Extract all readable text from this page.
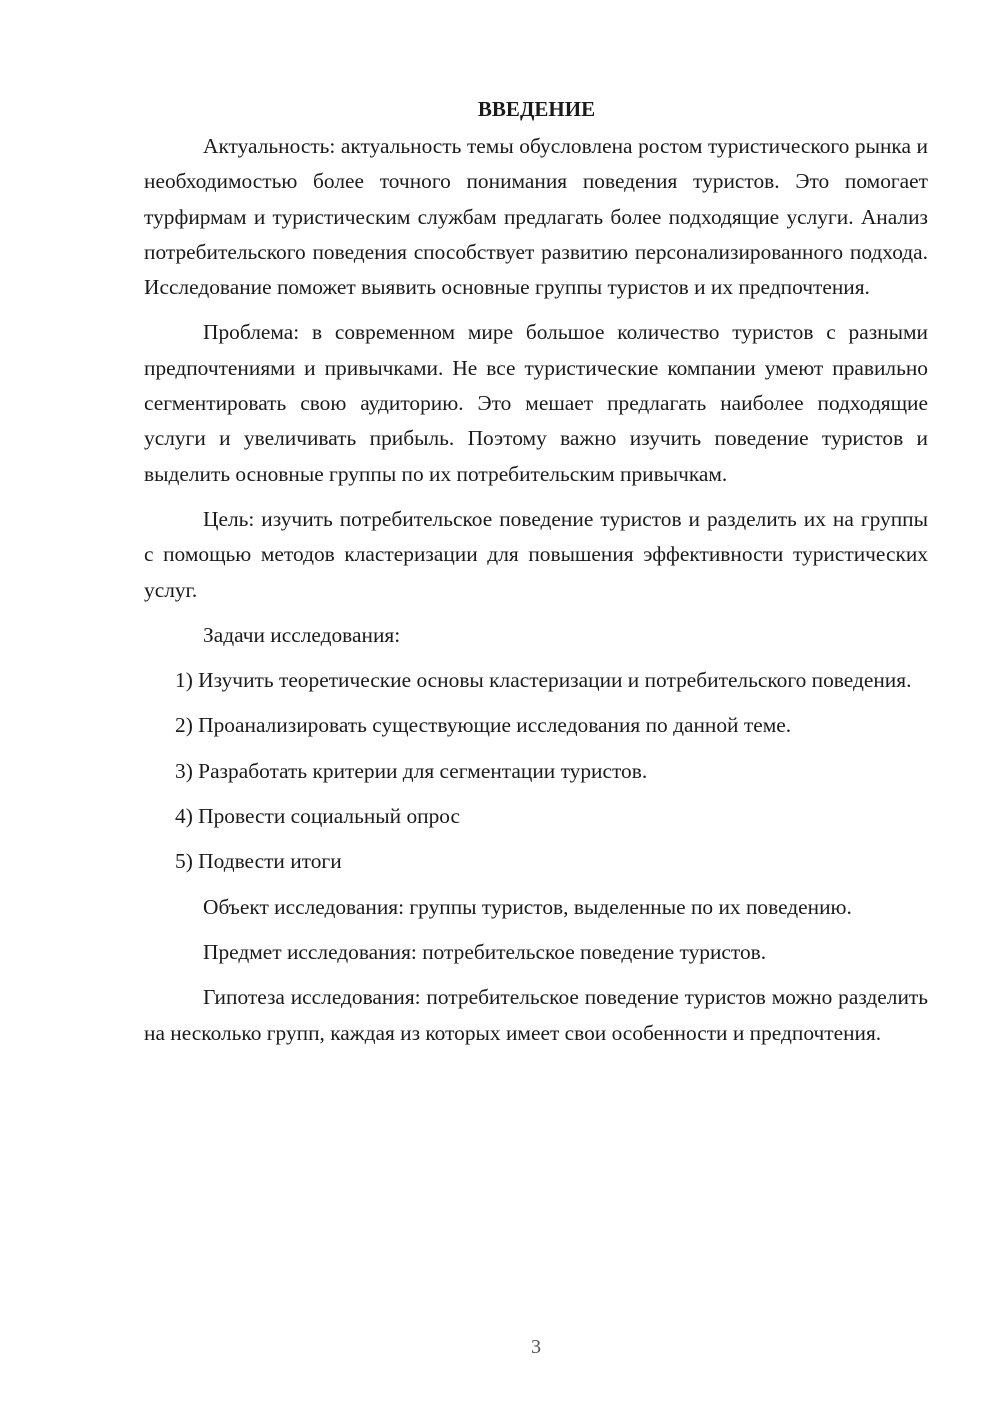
ВВЕДЕНИЕ

Актуальность: актуальность темы обусловлена ростом туристического рынка и необходимостью более точного понимания поведения туристов. Это помогает турфирмам и туристическим службам предлагать более подходящие услуги. Анализ потребительского поведения способствует развитию персонализированного подхода. Исследование поможет выявить основные группы туристов и их предпочтения.

Проблема: в современном мире большое количество туристов с разными предпочтениями и привычками. Не все туристические компании умеют правильно сегментировать свою аудиторию. Это мешает предлагать наиболее подходящие услуги и увеличивать прибыль. Поэтому важно изучить поведение туристов и выделить основные группы по их потребительским привычкам.

Цель: изучить потребительское поведение туристов и разделить их на группы с помощью методов кластеризации для повышения эффективности туристических услуг.

Задачи исследования:

1) Изучить теоретические основы кластеризации и потребительского поведения.

2) Проанализировать существующие исследования по данной теме.

3) Разработать критерии для сегментации туристов.

4) Провести социальный опрос

5) Подвести итоги

Объект исследования: группы туристов, выделенные по их поведению.

Предмет исследования: потребительское поведение туристов.

Гипотеза исследования: потребительское поведение туристов можно разделить на несколько групп, каждая из которых имеет свои особенности и предпочтения.

3
